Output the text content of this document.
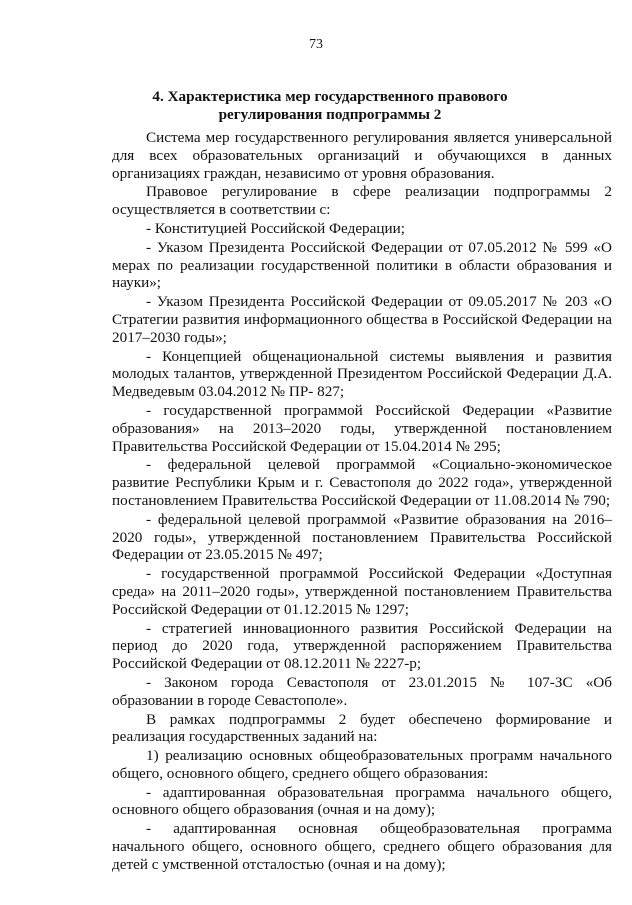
73
4. Характеристика мер государственного правового регулирования подпрограммы 2

Система мер государственного регулирования является универсальной для всех образовательных организаций и обучающихся в данных организациях граждан, независимо от уровня образования.

Правовое регулирование в сфере реализации подпрограммы 2 осуществляется в соответствии с:

- Конституцией Российской Федерации;

- Указом Президента Российской Федерации от 07.05.2012 № 599 «О мерах по реализации государственной политики в области образования и науки»;

- Указом Президента Российской Федерации от 09.05.2017 № 203 «О Стратегии развития информационного общества в Российской Федерации на 2017–2030 годы»;

- Концепцией общенациональной системы выявления и развития молодых талантов, утвержденной Президентом Российской Федерации Д.А. Медведевым 03.04.2012 № ПР- 827;

- государственной программой Российской Федерации «Развитие образования» на 2013–2020 годы, утвержденной постановлением Правительства Российской Федерации от 15.04.2014 № 295;

- федеральной целевой программой «Социально-экономическое развитие Республики Крым и г. Севастополя до 2022 года», утвержденной постановлением Правительства Российской Федерации от 11.08.2014 № 790;

- федеральной целевой программой «Развитие образования на 2016–2020 годы», утвержденной постановлением Правительства Российской Федерации от 23.05.2015 № 497;

- государственной программой Российской Федерации «Доступная среда» на 2011–2020 годы», утвержденной постановлением Правительства Российской Федерации от 01.12.2015 № 1297;

- стратегией инновационного развития Российской Федерации на период до 2020 года, утвержденной распоряжением Правительства Российской Федерации от 08.12.2011 № 2227-р;

- Законом города Севастополя от 23.01.2015 № 107-ЗС «Об образовании в городе Севастополе».

В рамках подпрограммы 2 будет обеспечено формирование и реализация государственных заданий на:

1) реализацию основных общеобразовательных программ начального общего, основного общего, среднего общего образования:

- адаптированная образовательная программа начального общего, основного общего образования (очная и на дому);

- адаптированная основная общеобразовательная программа начального общего, основного общего, среднего общего образования для детей с умственной отсталостью (очная и на дому);
